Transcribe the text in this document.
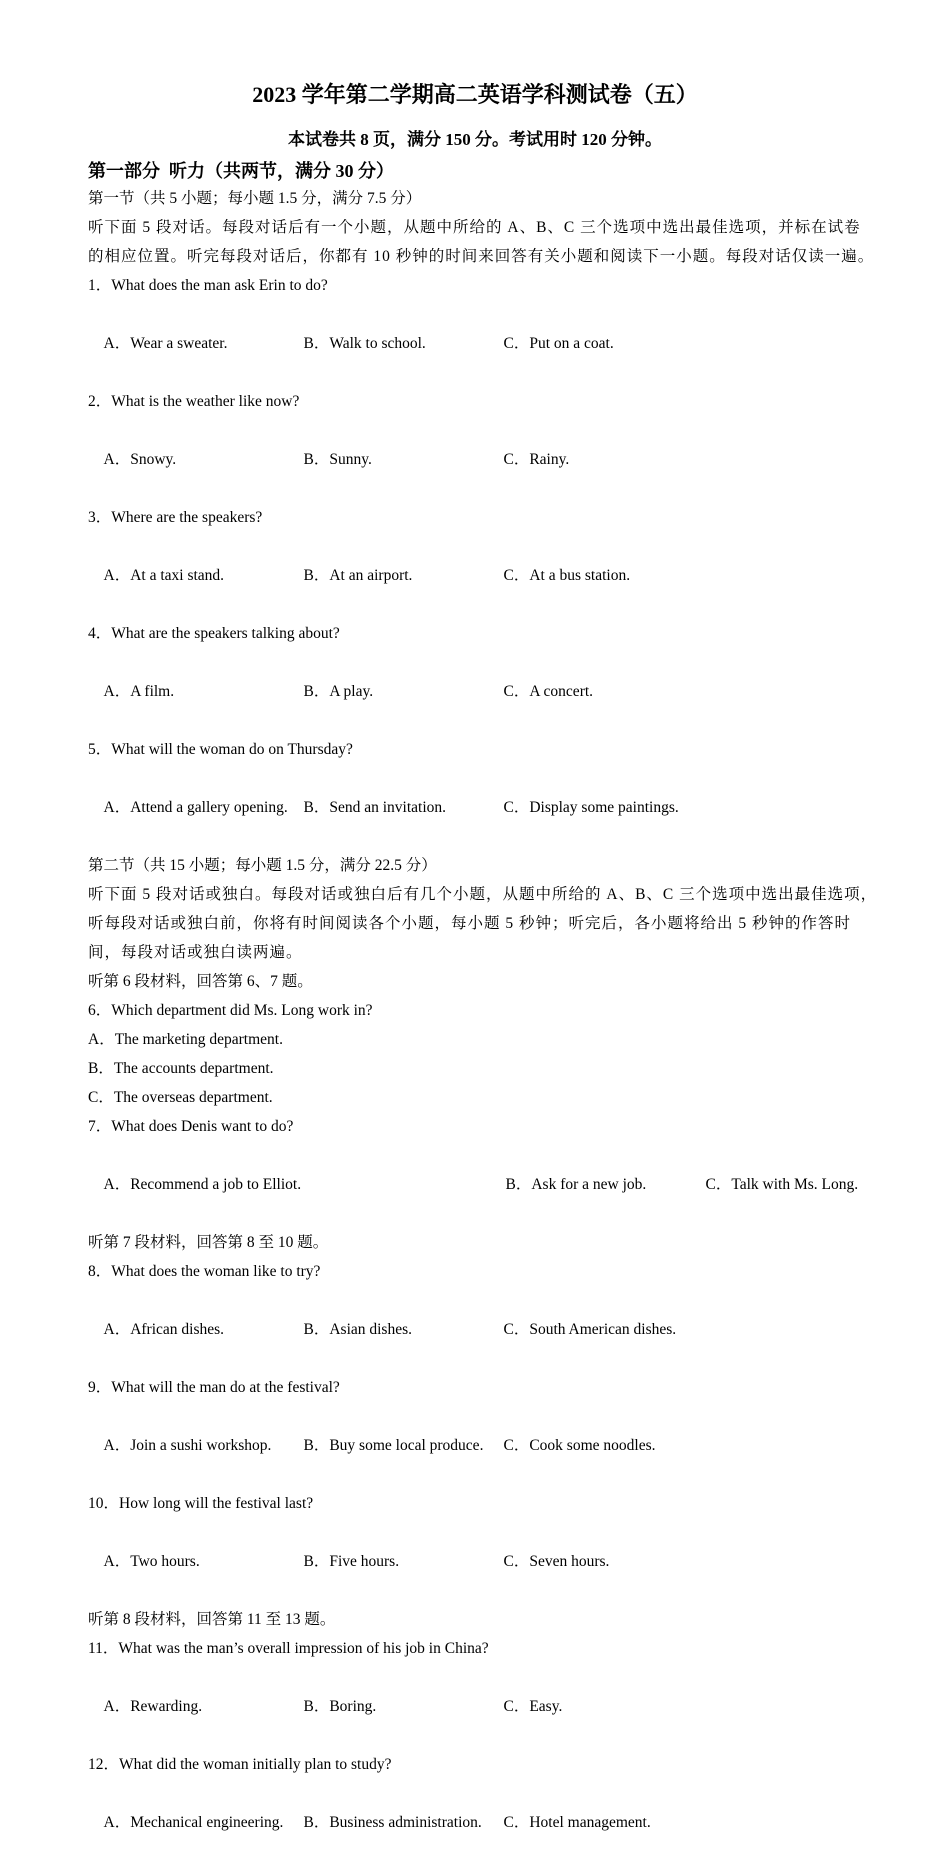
2023 学年第二学期高二英语学科测试卷（五）
本试卷共 8 页，满分 150 分。考试用时 120 分钟。
第一部分  听力（共两节，满分 30 分）
第一节（共 5 小题；每小题 1.5 分，满分 7.5 分）
听下面 5 段对话。每段对话后有一个小题，从题中所给的 A、B、C 三个选项中选出最佳选项，并标在试卷
的相应位置。听完每段对话后，你都有 10 秒钟的时间来回答有关小题和阅读下一小题。每段对话仅读一遍。
1．What does the man ask Erin to do?

A．Wear a sweater.	B．Walk to school.	C．Put on a coat.

2．What is the weather like now?

A．Snowy.	B．Sunny.	C．Rainy.

3．Where are the speakers?

A．At a taxi stand.	B．At an airport.	C．At a bus station.

4．What are the speakers talking about?

A．A film.	B．A play.	C．A concert.

5．What will the woman do on Thursday?

A．Attend a gallery opening. B．Send an invitation.	C．Display some paintings.

第二节（共 15 小题；每小题 1.5 分，满分 22.5 分）
听下面 5 段对话或独白。每段对话或独白后有几个小题，从题中所给的 A、B、C 三个选项中选出最佳选项，
听每段对话或独白前，你将有时间阅读各个小题，每小题 5 秒钟；听完后，各小题将给出 5 秒钟的作答时
间，每段对话或独白读两遍。
听第 6 段材料，回答第 6、7 题。
6．Which department did Ms. Long work in?
A．The marketing department.
B．The accounts department.
C．The overseas department.
7．What does Denis want to do?

A．Recommend a job to Elliot.	B．Ask for a new job.	C．Talk with Ms. Long.

听第 7 段材料，回答第 8 至 10 题。
8．What does the woman like to try?

A．African dishes.	B．Asian dishes.	C．South American dishes.

9．What will the man do at the festival?

A．Join a sushi workshop. B．Buy some local produce. C．Cook some noodles.

10．How long will the festival last?

A．Two hours.	B．Five hours.	C．Seven hours.

听第 8 段材料，回答第 11 至 13 题。
11．What was the man’s overall impression of his job in China?

A．Rewarding.	B．Boring.	C．Easy.

12．What did the woman initially plan to study?

A．Mechanical engineering. B．Business administration. C．Hotel management.
